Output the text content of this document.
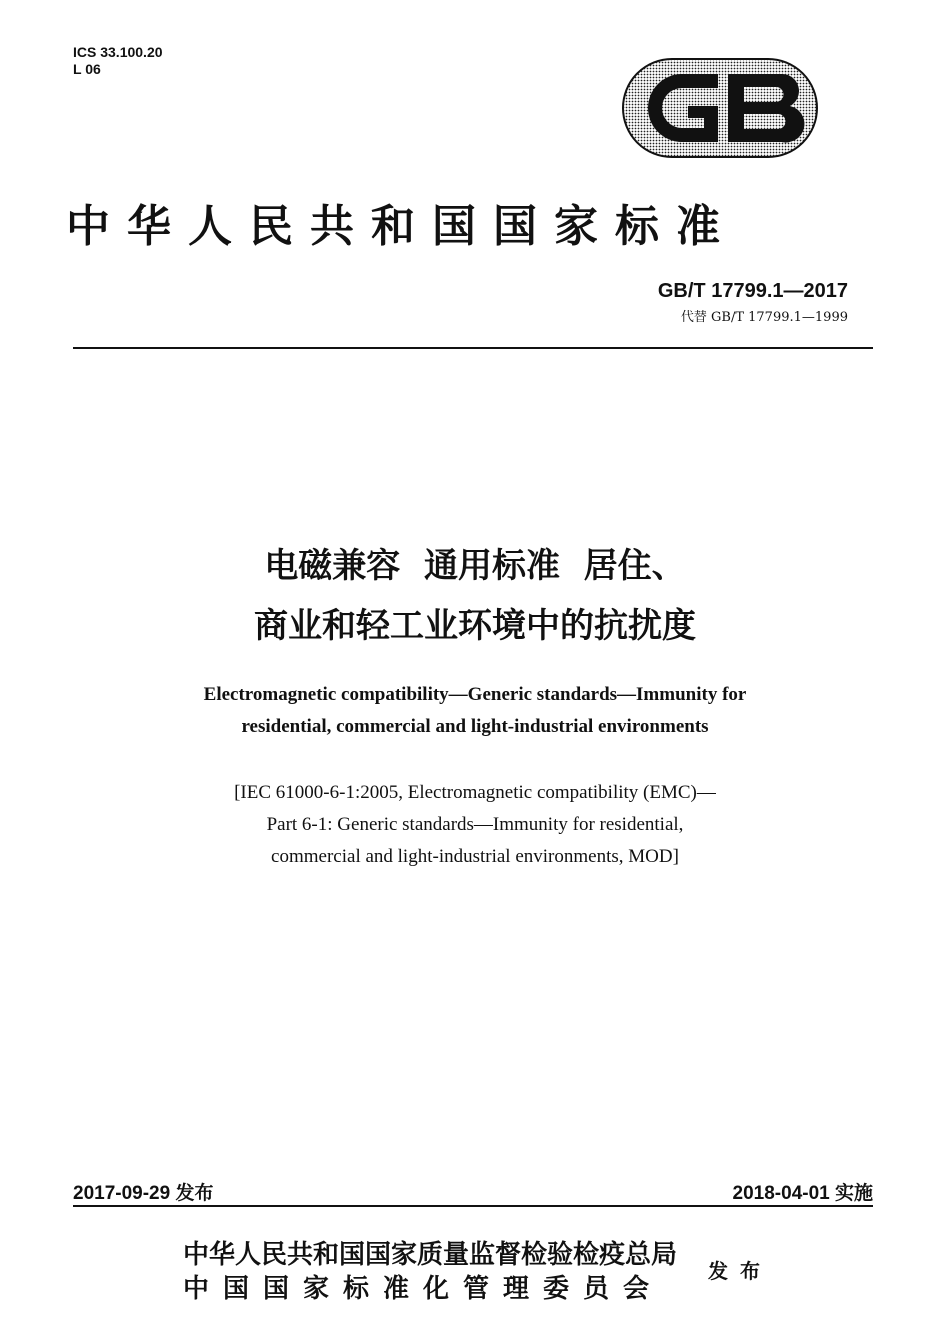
ICS 33.100.20
L 06
中华人民共和国国家标准
GB/T 17799.1—2017
代替 GB/T 17799.1—1999
电磁兼容  通用标准  居住、
商业和轻工业环境中的抗扰度
Electromagnetic compatibility—Generic standards—Immunity for
residential, commercial and light-industrial environments
[IEC 61000-6-1:2005, Electromagnetic compatibility (EMC)—
Part 6-1: Generic standards—Immunity for residential,
commercial and light-industrial environments, MOD]
2017-09-29 发布	2018-04-01 实施
中华人民共和国国家质量监督检验检疫总局
中国国家标准化管理委员会
发布
